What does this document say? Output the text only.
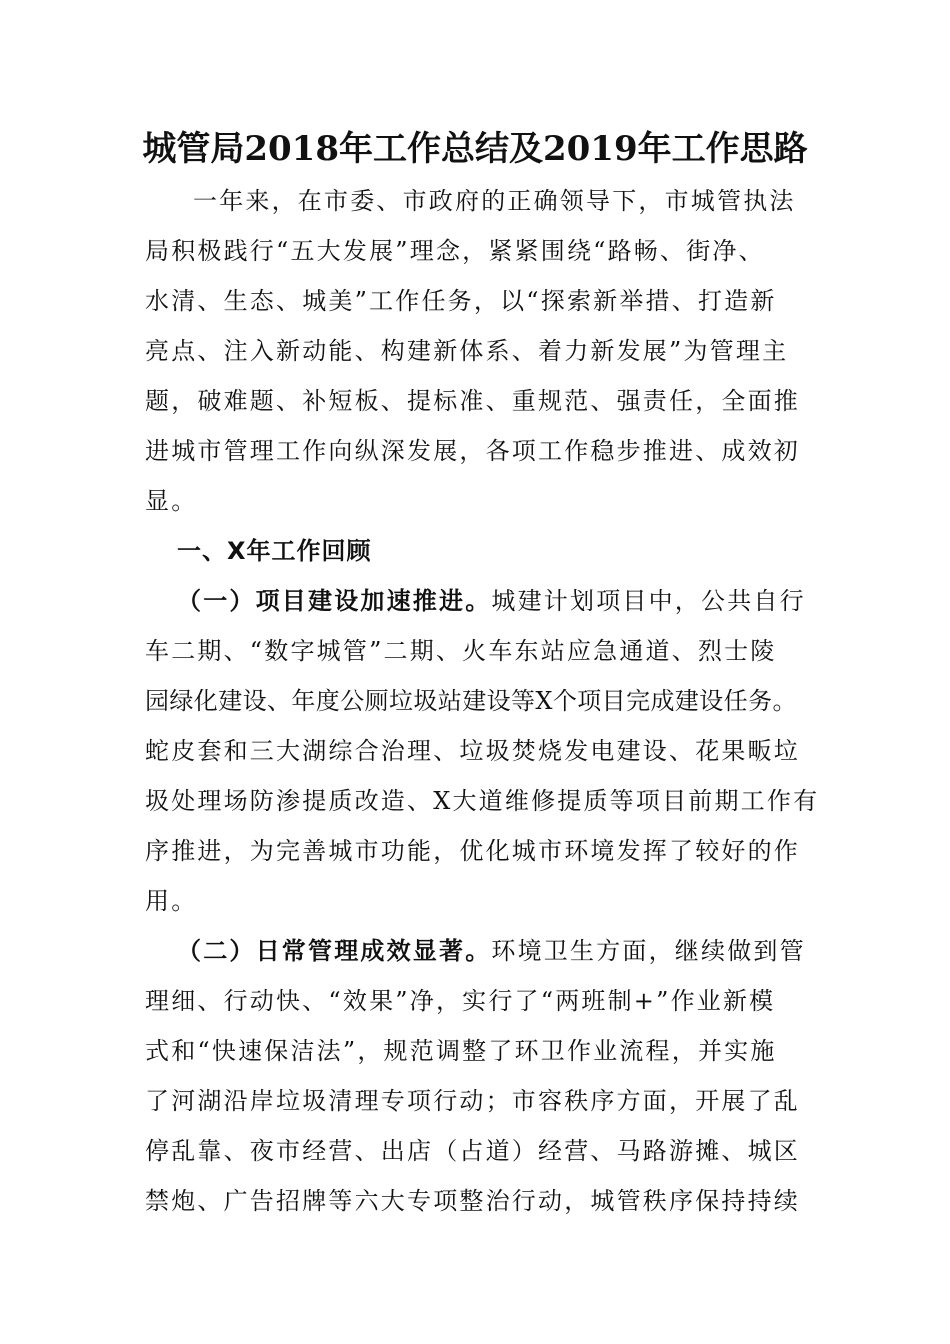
城管局2018年工作总结及2019年工作思路
一年来，在市委、市政府的正确领导下，市城管执法
局积极践行“五大发展”理念，紧紧围绕“路畅、街净、
水清、生态、城美”工作任务，以“探索新举措、打造新
亮点、注入新动能、构建新体系、着力新发展”为管理主
题，破难题、补短板、提标准、重规范、强责任，全面推
进城市管理工作向纵深发展，各项工作稳步推进、成效初
显。
一、X年工作回顾
（一）项目建设加速推进。城建计划项目中，公共自行
车二期、“数字城管”二期、火车东站应急通道、烈士陵
园绿化建设、年度公厕垃圾站建设等X个项目完成建设任务。
蛇皮套和三大湖综合治理、垃圾焚烧发电建设、花果畈垃
圾处理场防渗提质改造、X大道维修提质等项目前期工作有
序推进，为完善城市功能，优化城市环境发挥了较好的作
用。
（二）日常管理成效显著。环境卫生方面，继续做到管
理细、行动快、“效果”净，实行了“两班制+”作业新模
式和“快速保洁法”，规范调整了环卫作业流程，并实施
了河湖沿岸垃圾清理专项行动；市容秩序方面，开展了乱
停乱靠、夜市经营、出店（占道）经营、马路游摊、城区
禁炮、广告招牌等六大专项整治行动，城管秩序保持持续
